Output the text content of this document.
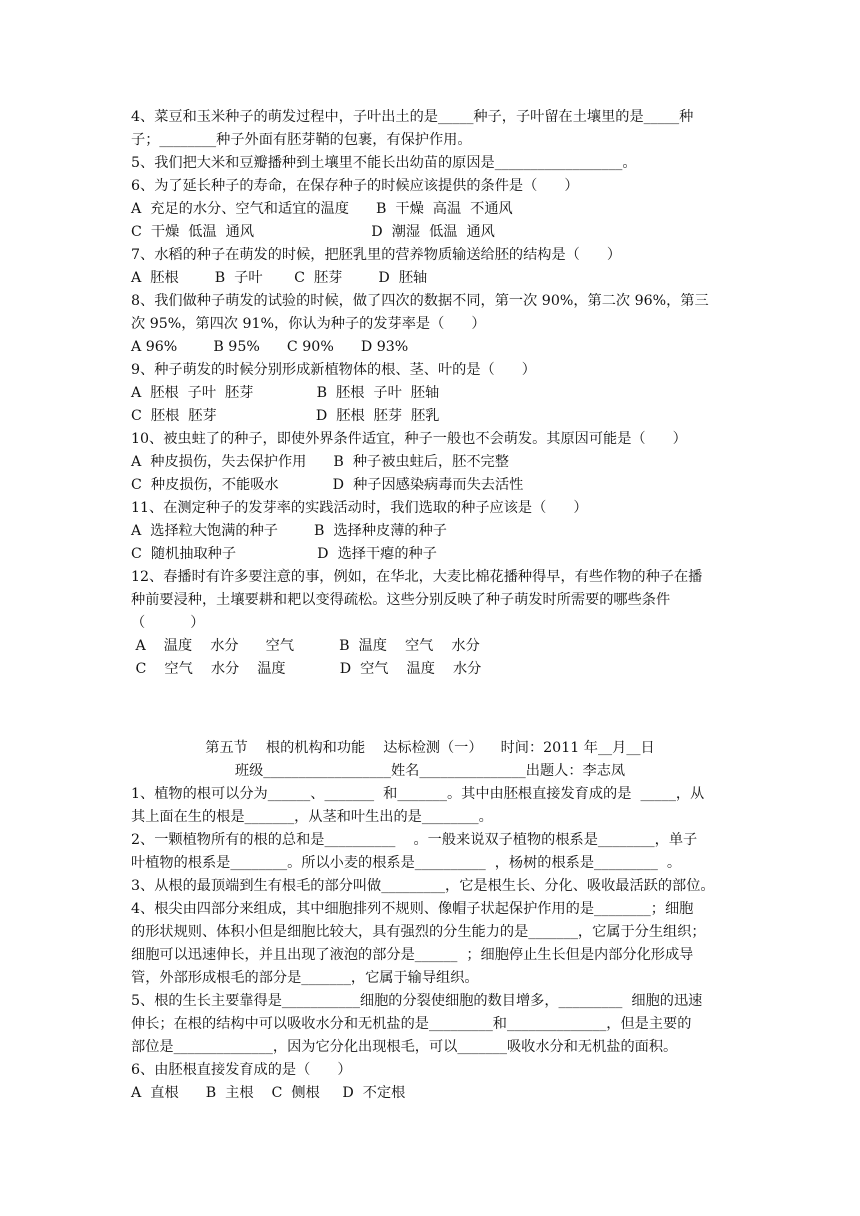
4、菜豆和玉米种子的萌发过程中，子叶出土的是_____种子，子叶留在土壤里的是_____种
子；________种子外面有胚芽鞘的包裹，有保护作用。
5、我们把大米和豆瓣播种到土壤里不能长出幼苗的原因是__________________。
6、为了延长种子的寿命，在保存种子的时候应该提供的条件是（      ）
A  充足的水分、空气和适宜的温度      B  干燥  高温  不通风
C  干燥  低温  通风                          D  潮湿  低温  通风
7、水稻的种子在萌发的时候，把胚乳里的营养物质输送给胚的结构是（      ）
A  胚根        B  子叶       C  胚芽        D  胚轴
8、我们做种子萌发的试验的时候，做了四次的数据不同，第一次 90%，第二次 96%，第三
次 95%，第四次 91%，你认为种子的发芽率是（      ）
A 96%        B 95%      C 90%      D 93%
9、种子萌发的时候分别形成新植物体的根、茎、叶的是（      ）
A  胚根  子叶  胚芽              B  胚根  子叶  胚轴
C  胚根  胚芽                      D  胚根  胚芽  胚乳
10、被虫蛀了的种子，即使外界条件适宜，种子一般也不会萌发。其原因可能是（      ）
A  种皮损伤，失去保护作用      B  种子被虫蛀后，胚不完整
C  种皮损伤，不能吸水            D  种子因感染病毒而失去活性
11、在测定种子的发芽率的实践活动时，我们选取的种子应该是（      ）
A  选择粒大饱满的种子        B  选择种皮薄的种子
C  随机抽取种子                  D  选择干瘪的种子
12、春播时有许多要注意的事，例如，在华北，大麦比棉花播种得早，有些作物的种子在播
种前要浸种，土壤要耕和耙以变得疏松。这些分别反映了种子萌发时所需要的哪些条件
（          ）
A    温度    水分      空气          B  温度    空气    水分
C    空气    水分    温度            D  空气    温度    水分
第五节    根的机构和功能    达标检测（一）    时间：2011 年__月__日
班级__________________姓名_______________出题人：李志凤
1、植物的根可以分为______、_______  和_______。其中由胚根直接发育成的是  _____，从
其上面在生的根是_______，从茎和叶生出的是________。
2、一颗植物所有的根的总和是__________    。一般来说双子植物的根系是________，单子
叶植物的根系是________。所以小麦的根系是__________  ，杨树的根系是_________  。
3、从根的最顶端到生有根毛的部分叫做_________，它是根生长、分化、吸收最活跃的部位。
4、根尖由四部分来组成，其中细胞排列不规则、像帽子状起保护作用的是________；细胞
的形状规则、体积小但是细胞比较大，具有强烈的分生能力的是_______，它属于分生组织；
细胞可以迅速伸长，并且出现了液泡的部分是______  ；细胞停止生长但是内部分化形成导
管，外部形成根毛的部分是_______，它属于输导组织。
5、根的生长主要靠得是___________细胞的分裂使细胞的数目增多，_________  细胞的迅速
伸长；在根的结构中可以吸收水分和无机盐的是_________和______________，但是主要的
部位是______________，因为它分化出现根毛，可以_______吸收水分和无机盐的面积。
6、由胚根直接发育成的是（      ）
A  直根      B  主根    C  侧根     D  不定根
